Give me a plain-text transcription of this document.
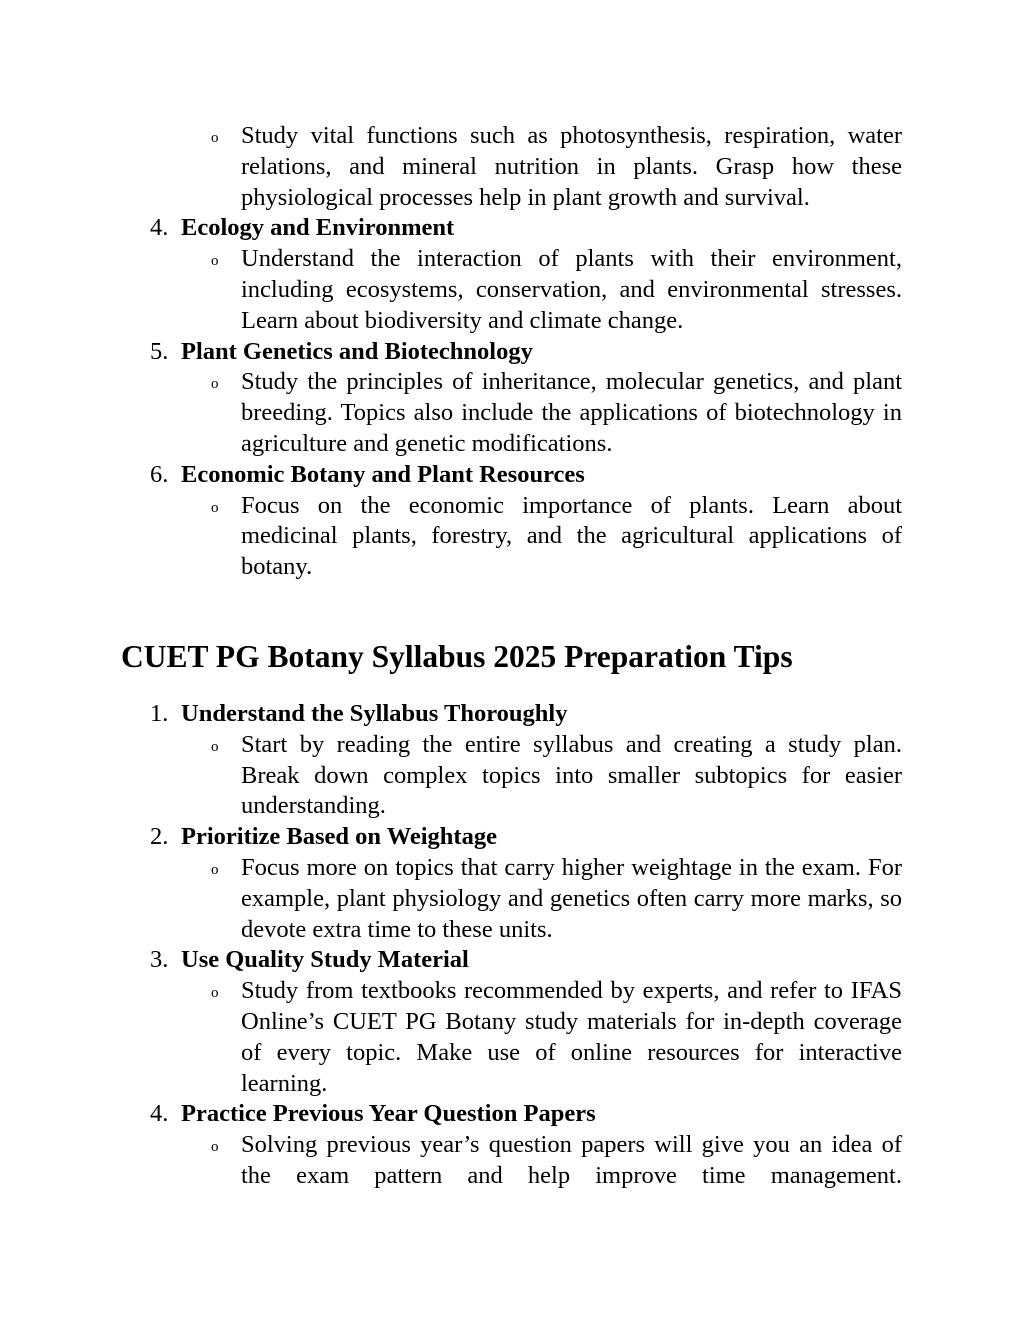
o Study vital functions such as photosynthesis, respiration, water relations, and mineral nutrition in plants. Grasp how these physiological processes help in plant growth and survival.
4. Ecology and Environment
o Understand the interaction of plants with their environment, including ecosystems, conservation, and environmental stresses. Learn about biodiversity and climate change.
5. Plant Genetics and Biotechnology
o Study the principles of inheritance, molecular genetics, and plant breeding. Topics also include the applications of biotechnology in agriculture and genetic modifications.
6. Economic Botany and Plant Resources
o Focus on the economic importance of plants. Learn about medicinal plants, forestry, and the agricultural applications of botany.
CUET PG Botany Syllabus 2025 Preparation Tips
1. Understand the Syllabus Thoroughly
o Start by reading the entire syllabus and creating a study plan. Break down complex topics into smaller subtopics for easier understanding.
2. Prioritize Based on Weightage
o Focus more on topics that carry higher weightage in the exam. For example, plant physiology and genetics often carry more marks, so devote extra time to these units.
3. Use Quality Study Material
o Study from textbooks recommended by experts, and refer to IFAS Online’s CUET PG Botany study materials for in-depth coverage of every topic. Make use of online resources for interactive learning.
4. Practice Previous Year Question Papers
o Solving previous year’s question papers will give you an idea of the exam pattern and help improve time management.
